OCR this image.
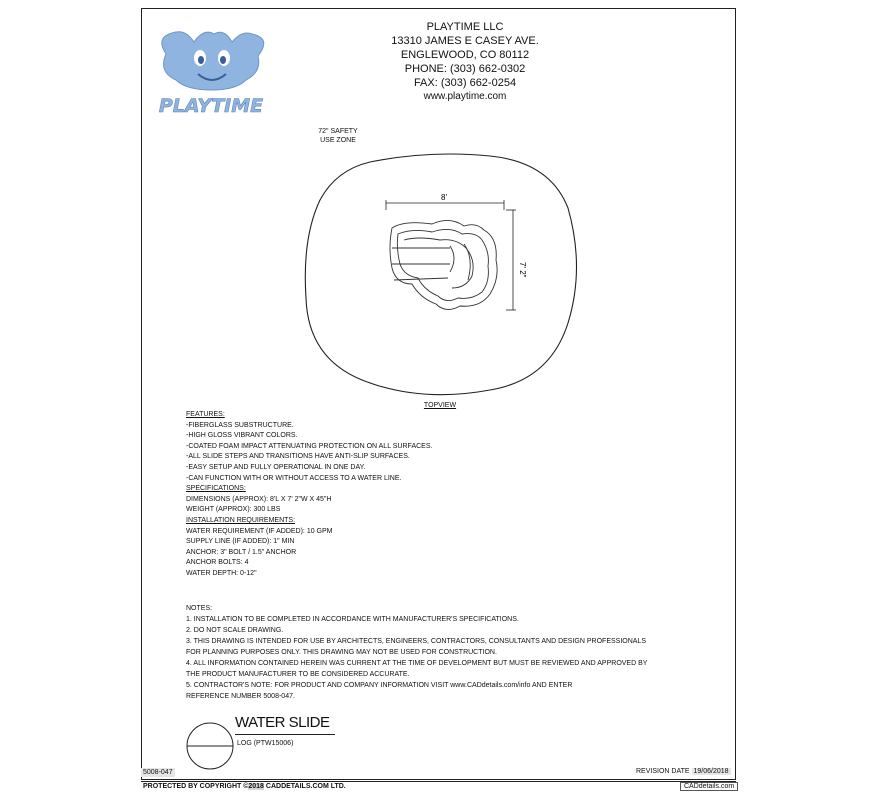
PLAYTIME
PLAYTIME LLC
13310 JAMES E CASEY AVE.
ENGLEWOOD, CO 80112
PHONE: (303) 662-0302
FAX: (303) 662-0254
www.playtime.com
72" SAFETY
USE ZONE
8'
7' 2"
TOPVIEW
FEATURES:
-FIBERGLASS SUBSTRUCTURE.
-HIGH GLOSS VIBRANT COLORS.
-COATED FOAM IMPACT ATTENUATING PROTECTION ON ALL SURFACES.
-ALL SLIDE STEPS AND TRANSITIONS HAVE ANTI-SLIP SURFACES.
-EASY SETUP AND FULLY OPERATIONAL IN ONE DAY.
-CAN FUNCTION WITH OR WITHOUT ACCESS TO A WATER LINE.
SPECIFICATIONS:
DIMENSIONS (APPROX): 8'L X 7' 2"W X 45"H
WEIGHT (APPROX): 300 LBS
INSTALLATION REQUIREMENTS:
WATER REQUIREMENT (IF ADDED): 10 GPM
SUPPLY LINE (IF ADDED): 1" MIN
ANCHOR: 3" BOLT / 1.5" ANCHOR
ANCHOR BOLTS: 4
WATER DEPTH: 0-12"
NOTES:
1. INSTALLATION TO BE COMPLETED IN ACCORDANCE WITH MANUFACTURER'S SPECIFICATIONS.
2. DO NOT SCALE DRAWING.
3. THIS DRAWING IS INTENDED FOR USE BY ARCHITECTS, ENGINEERS, CONTRACTORS, CONSULTANTS AND DESIGN PROFESSIONALS
FOR PLANNING PURPOSES ONLY. THIS DRAWING MAY NOT BE USED FOR CONSTRUCTION.
4. ALL INFORMATION CONTAINED HEREIN WAS CURRENT AT THE TIME OF DEVELOPMENT BUT MUST BE REVIEWED AND APPROVED BY
THE PRODUCT MANUFACTURER TO BE CONSIDERED ACCURATE.
5. CONTRACTOR'S NOTE: FOR PRODUCT AND COMPANY INFORMATION VISIT www.CADdetails.com/info AND ENTER
REFERENCE NUMBER 5008-047.
WATER SLIDE
LOG (PTW15006)
5008-047	REVISION DATE 19/06/2018
PROTECTED BY COPYRIGHT ©2018 CADDETAILS.COM LTD.	CADdetails.com
